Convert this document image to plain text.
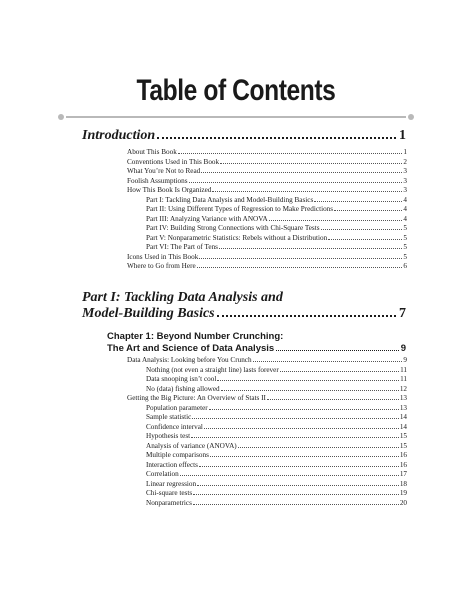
Table of Contents
Introduction	1
About This Book	1
Conventions Used in This Book	2
What You’re Not to Read	3
Foolish Assumptions	3
How This Book Is Organized	3
Part I: Tackling Data Analysis and Model-Building Basics	4
Part II: Using Different Types of Regression to Make Predictions	4
Part III: Analyzing Variance with ANOVA	4
Part IV: Building Strong Connections with Chi-Square Tests	5
Part V: Nonparametric Statistics: Rebels without a Distribution	5
Part VI: The Part of Tens	5
Icons Used in This Book	5
Where to Go from Here	6
Part I: Tackling Data Analysis and
Model-Building Basics	7
Chapter 1: Beyond Number Crunching:
The Art and Science of Data Analysis	9
Data Analysis: Looking before You Crunch	9
Nothing (not even a straight line) lasts forever	11
Data snooping isn’t cool	11
No (data) fishing allowed	12
Getting the Big Picture: An Overview of Stats II	13
Population parameter	13
Sample statistic	14
Confidence interval	14
Hypothesis test	15
Analysis of variance (ANOVA)	15
Multiple comparisons	16
Interaction effects	16
Correlation	17
Linear regression	18
Chi-square tests	19
Nonparametrics	20
